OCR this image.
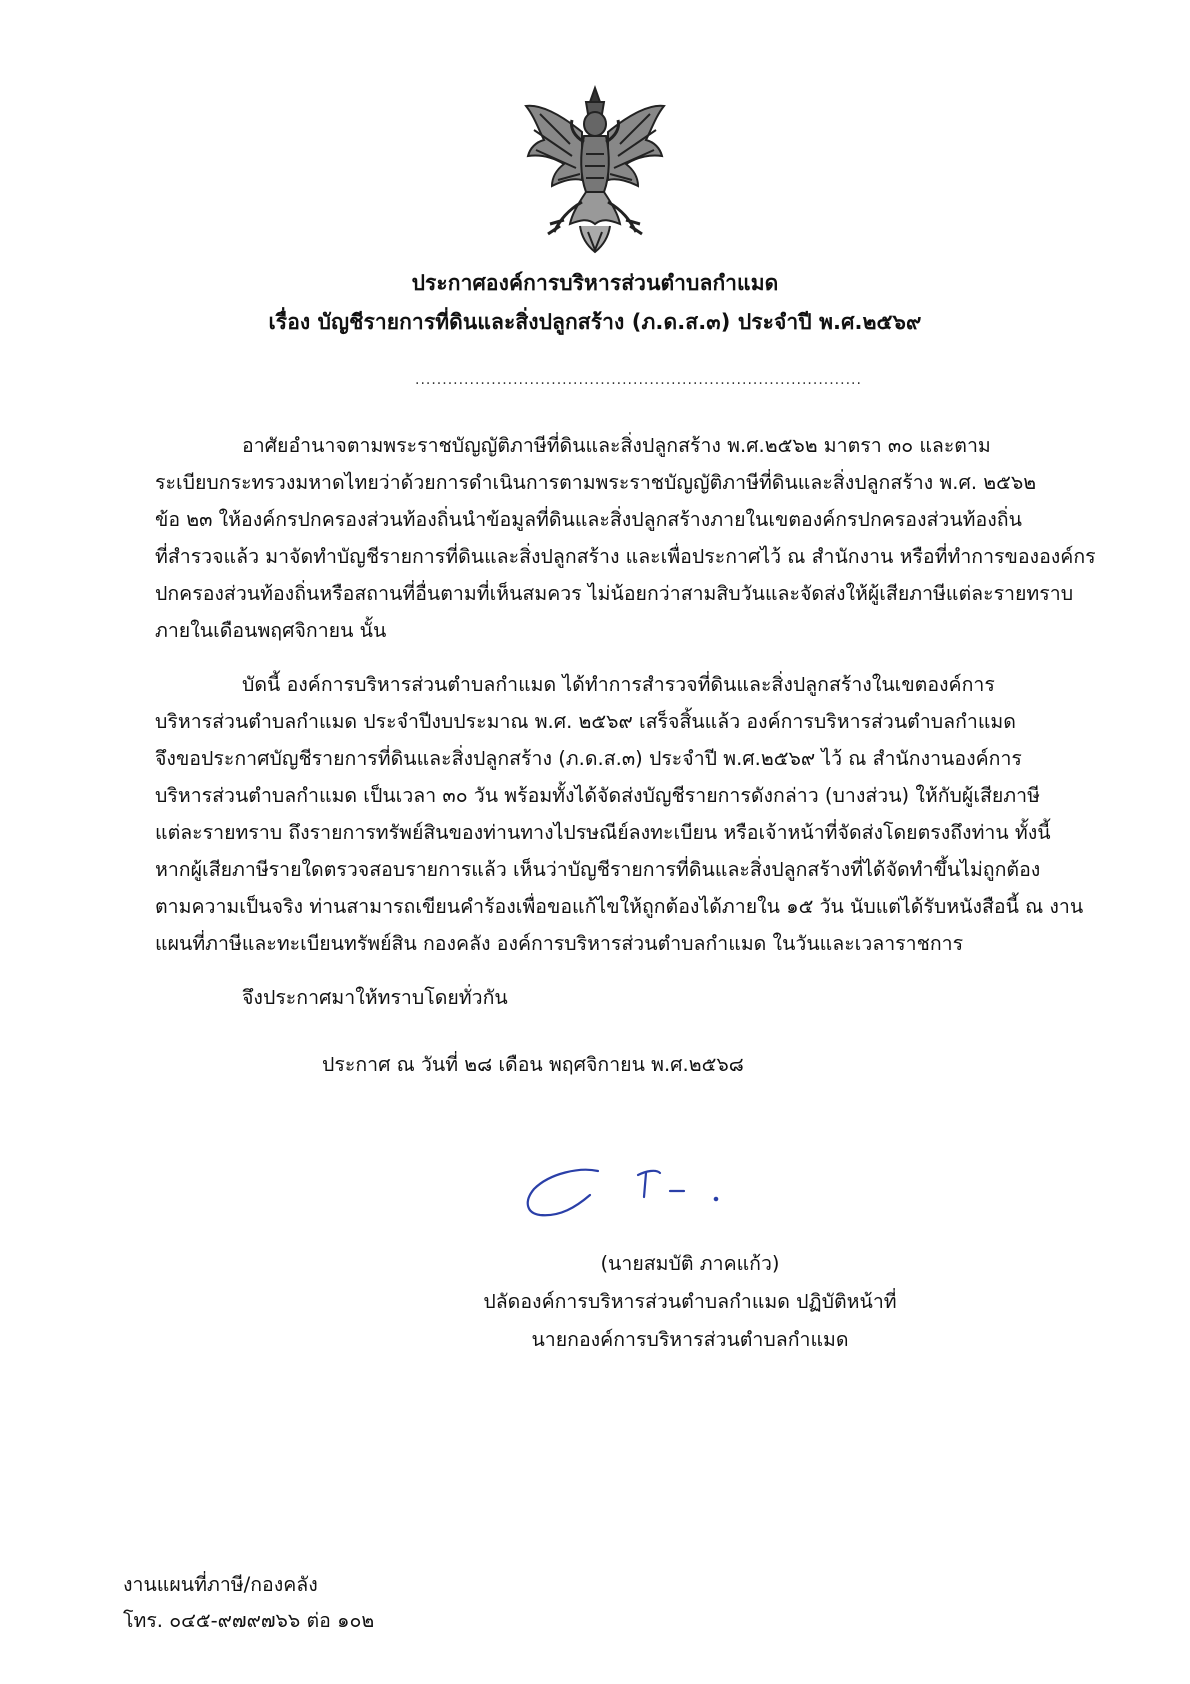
ประกาศองค์การบริหารส่วนตำบลกำแมด
เรื่อง บัญชีรายการที่ดินและสิ่งปลูกสร้าง (ภ.ด.ส.๓) ประจำปี พ.ศ.๒๕๖๙
..................................................................................
อาศัยอำนาจตามพระราชบัญญัติภาษีที่ดินและสิ่งปลูกสร้าง พ.ศ.๒๕๖๒ มาตรา ๓๐ และตาม
ระเบียบกระทรวงมหาดไทยว่าด้วยการดำเนินการตามพระราชบัญญัติภาษีที่ดินและสิ่งปลูกสร้าง พ.ศ. ๒๕๖๒
ข้อ ๒๓ ให้องค์กรปกครองส่วนท้องถิ่นนำข้อมูลที่ดินและสิ่งปลูกสร้างภายในเขตองค์กรปกครองส่วนท้องถิ่น
ที่สำรวจแล้ว มาจัดทำบัญชีรายการที่ดินและสิ่งปลูกสร้าง และเพื่อประกาศไว้ ณ สำนักงาน หรือที่ทำการขององค์กร
ปกครองส่วนท้องถิ่นหรือสถานที่อื่นตามที่เห็นสมควร ไม่น้อยกว่าสามสิบวันและจัดส่งให้ผู้เสียภาษีแต่ละรายทราบ
ภายในเดือนพฤศจิกายน นั้น
บัดนี้ องค์การบริหารส่วนตำบลกำแมด ได้ทำการสำรวจที่ดินและสิ่งปลูกสร้างในเขตองค์การ
บริหารส่วนตำบลกำแมด ประจำปีงบประมาณ พ.ศ. ๒๕๖๙ เสร็จสิ้นแล้ว องค์การบริหารส่วนตำบลกำแมด
จึงขอประกาศบัญชีรายการที่ดินและสิ่งปลูกสร้าง (ภ.ด.ส.๓) ประจำปี พ.ศ.๒๕๖๙ ไว้ ณ สำนักงานองค์การ
บริหารส่วนตำบลกำแมด เป็นเวลา ๓๐ วัน พร้อมทั้งได้จัดส่งบัญชีรายการดังกล่าว (บางส่วน) ให้กับผู้เสียภาษี
แต่ละรายทราบ ถึงรายการทรัพย์สินของท่านทางไปรษณีย์ลงทะเบียน หรือเจ้าหน้าที่จัดส่งโดยตรงถึงท่าน ทั้งนี้
หากผู้เสียภาษีรายใดตรวจสอบรายการแล้ว เห็นว่าบัญชีรายการที่ดินและสิ่งปลูกสร้างที่ได้จัดทำขึ้นไม่ถูกต้อง
ตามความเป็นจริง ท่านสามารถเขียนคำร้องเพื่อขอแก้ไขให้ถูกต้องได้ภายใน ๑๕ วัน นับแต่ได้รับหนังสือนี้ ณ งาน
แผนที่ภาษีและทะเบียนทรัพย์สิน กองคลัง องค์การบริหารส่วนตำบลกำแมด ในวันและเวลาราชการ
จึงประกาศมาให้ทราบโดยทั่วกัน
ประกาศ ณ วันที่ ๒๘ เดือน พฤศจิกายน พ.ศ.๒๕๖๘
(นายสมบัติ ภาคแก้ว)
ปลัดองค์การบริหารส่วนตำบลกำแมด ปฏิบัติหน้าที่
นายกองค์การบริหารส่วนตำบลกำแมด
งานแผนที่ภาษี/กองคลัง
โทร. ๐๔๕-๙๗๙๗๖๖ ต่อ ๑๐๒
